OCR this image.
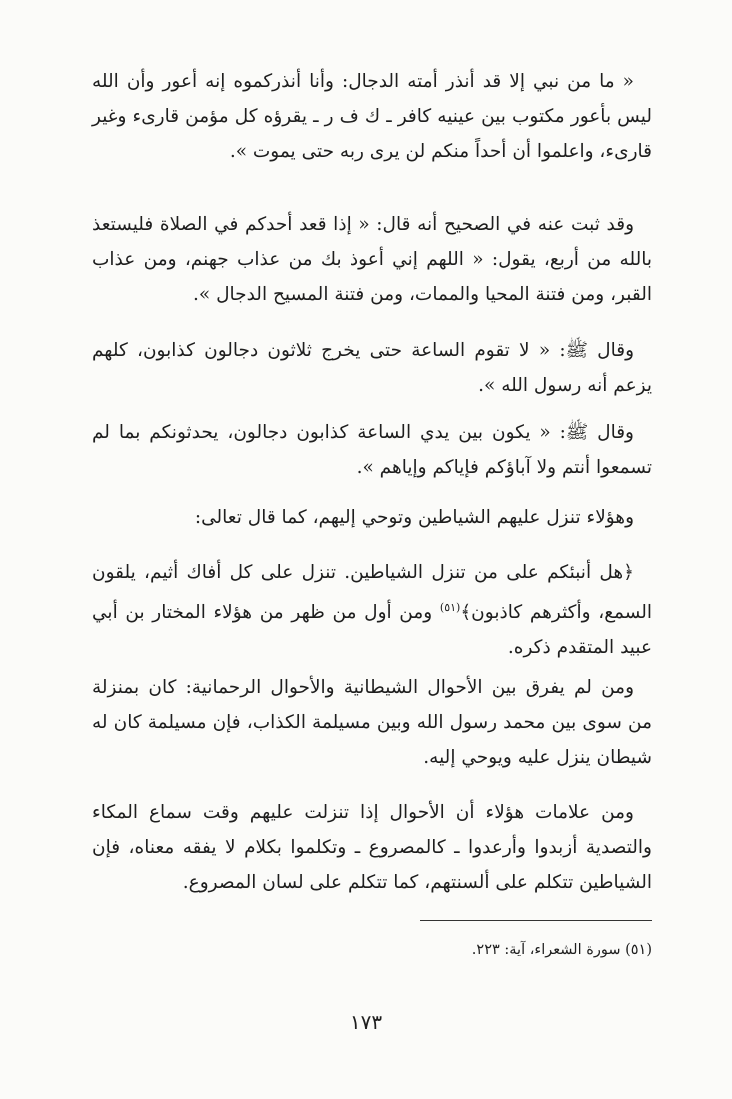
« ما من نبي إلا قد أنذر أمته الدجال: وأنا أنذركموه إنه أعور وأن الله ليس بأعور مكتوب بين عينيه كافر ـ ك ف ر ـ يقرؤه كل مؤمن قارىء وغير قارىء، واعلموا أن أحداً منكم لن يرى ربه حتى يموت ».

وقد ثبت عنه في الصحيح أنه قال: « إذا قعد أحدكم في الصلاة فليستعذ بالله من أربع، يقول: « اللهم إني أعوذ بك من عذاب جهنم، ومن عذاب القبر، ومن فتنة المحيا والممات، ومن فتنة المسيح الدجال ».

وقال ﷺ: « لا تقوم الساعة حتى يخرج ثلاثون دجالون كذابون، كلهم يزعم أنه رسول الله ».

وقال ﷺ: « يكون بين يدي الساعة كذابون دجالون، يحدثونكم بما لم تسمعوا أنتم ولا آباؤكم فإياكم وإياهم ».

وهؤلاء تنزل عليهم الشياطين وتوحي إليهم، كما قال تعالى:

﴿هل أنبئكم على من تنزل الشياطين. تنزل على كل أفاك أثيم، يلقون السمع، وأكثرهم كاذبون﴾$^{(٥١)}$ ومن أول من ظهر من هؤلاء المختار بن أبي عبيد المتقدم ذكره.

ومن لم يفرق بين الأحوال الشيطانية والأحوال الرحمانية: كان بمنزلة من سوى بين محمد رسول الله وبين مسيلمة الكذاب، فإن مسيلمة كان له شيطان ينزل عليه ويوحي إليه.

ومن علامات هؤلاء أن الأحوال إذا تنزلت عليهم وقت سماع المكاء والتصدية أزبدوا وأرعدوا ـ كالمصروع ـ وتكلموا بكلام لا يفقه معناه، فإن الشياطين تتكلم على ألسنتهم، كما تتكلم على لسان المصروع.

(٥١) سورة الشعراء، آية: ٢٢٣.
١٧٣
